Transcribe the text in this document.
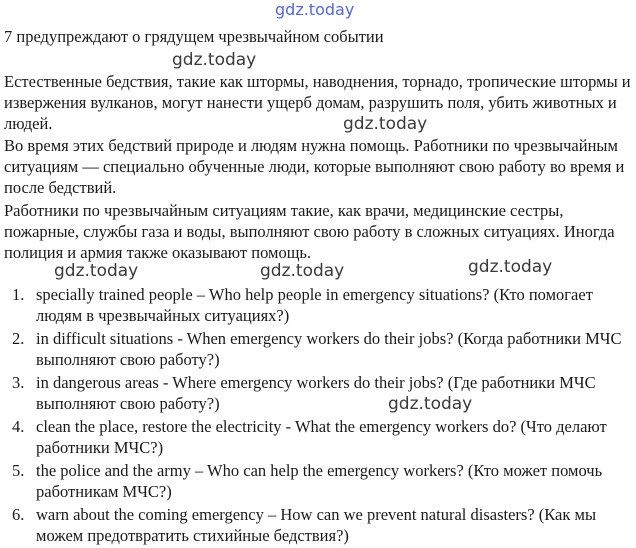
gdz.today
7 предупреждают о грядущем чрезвычайном событии
gdz.today

Естественные бедствия, такие как штормы, наводнения, торнадо, тропические штормы и извержения вулканов, могут нанести ущерб домам, разрушить поля, убить животных и людей.	gdz.today

Во время этих бедствий природе и людям нужна помощь. Работники по чрезвычайным ситуациям — специально обученные люди, которые выполняют свою работу во время и после бедствий.

Работники по чрезвычайным ситуациям такие, как врачи, медицинские сестры, пожарные, службы газа и воды, выполняют свою работу в сложных ситуациях. Иногда полиция и армия также оказывают помощь.

gdz.today	gdz.today	gdz.today
1. specially trained people – Who help people in emergency situations? (Кто помогает людям в чрезвычайных ситуациях?)
2. in difficult situations - When emergency workers do their jobs? (Когда работники МЧС выполняют свою работу?)
3. in dangerous areas - Where emergency workers do their jobs? (Где работники МЧС выполняют свою работу?)
4. clean the place, restore the electricity - What the emergency workers do? (Что делают работники МЧС?)
5. the police and the army – Who can help the emergency workers? (Кто может помочь работникам МЧС?)
6. warn about the coming emergency – How can we prevent natural disasters? (Как мы можем предотвратить стихийные бедствия?)
gdz.today
